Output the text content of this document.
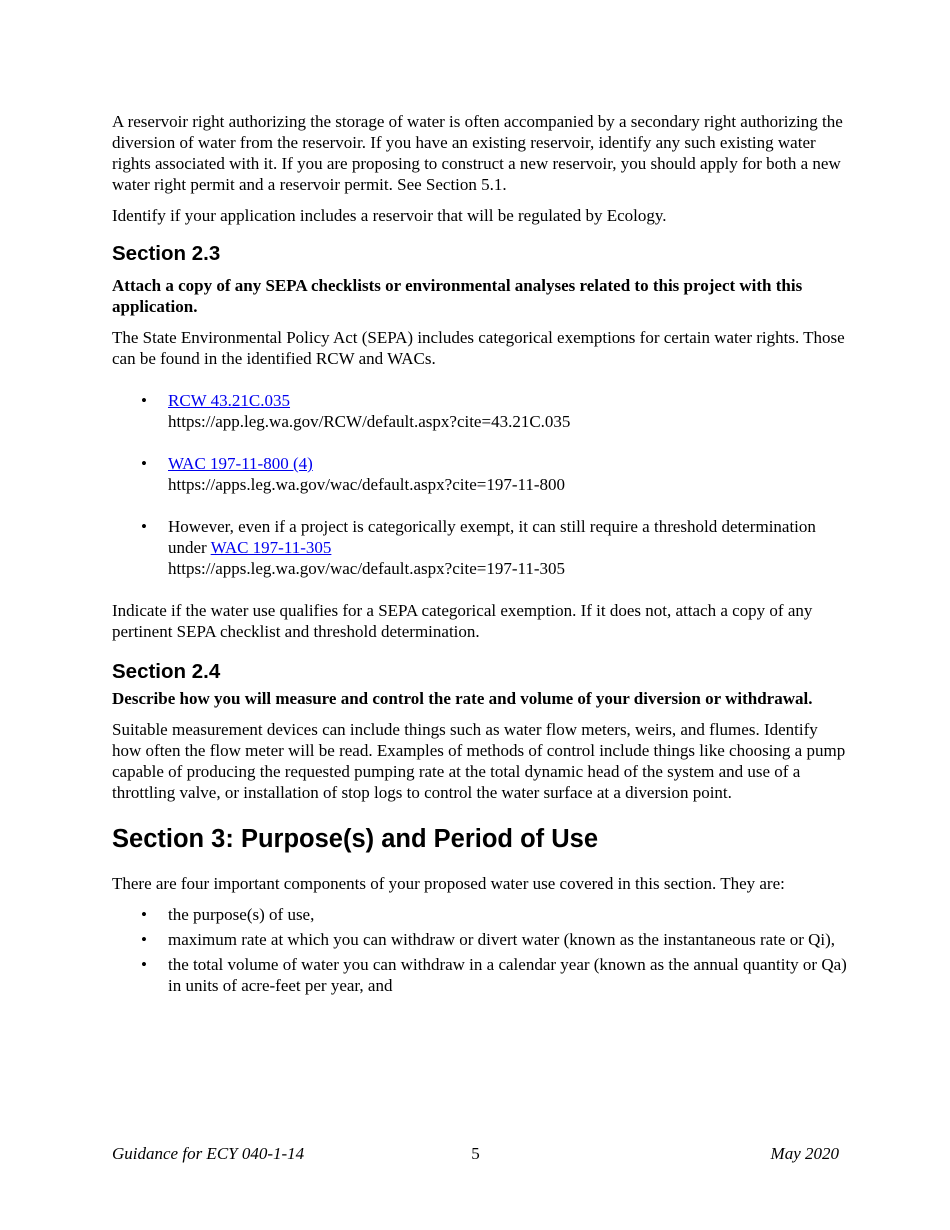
A reservoir right authorizing the storage of water is often accompanied by a secondary right authorizing the diversion of water from the reservoir. If you have an existing reservoir, identify any such existing water rights associated with it. If you are proposing to construct a new reservoir, you should apply for both a new water right permit and a reservoir permit. See Section 5.1.

Identify if your application includes a reservoir that will be regulated by Ecology.

Section 2.3

Attach a copy of any SEPA checklists or environmental analyses related to this project with this application.

The State Environmental Policy Act (SEPA) includes categorical exemptions for certain water rights. Those can be found in the identified RCW and WACs.

• RCW 43.21C.035
https://app.leg.wa.gov/RCW/default.aspx?cite=43.21C.035
• WAC 197-11-800 (4)
https://apps.leg.wa.gov/wac/default.aspx?cite=197-11-800
• However, even if a project is categorically exempt, it can still require a threshold determination under WAC 197-11-305
https://apps.leg.wa.gov/wac/default.aspx?cite=197-11-305

Indicate if the water use qualifies for a SEPA categorical exemption. If it does not, attach a copy of any pertinent SEPA checklist and threshold determination.

Section 2.4

Describe how you will measure and control the rate and volume of your diversion or withdrawal.

Suitable measurement devices can include things such as water flow meters, weirs, and flumes. Identify how often the flow meter will be read. Examples of methods of control include things like choosing a pump capable of producing the requested pumping rate at the total dynamic head of the system and use of a throttling valve, or installation of stop logs to control the water surface at a diversion point.

Section 3: Purpose(s) and Period of Use

There are four important components of your proposed water use covered in this section. They are:

• the purpose(s) of use,
• maximum rate at which you can withdraw or divert water (known as the instantaneous rate or Qi),
• the total volume of water you can withdraw in a calendar year (known as the annual quantity or Qa) in units of acre-feet per year, and
Guidance for ECY 040-1-14	5	May 2020
